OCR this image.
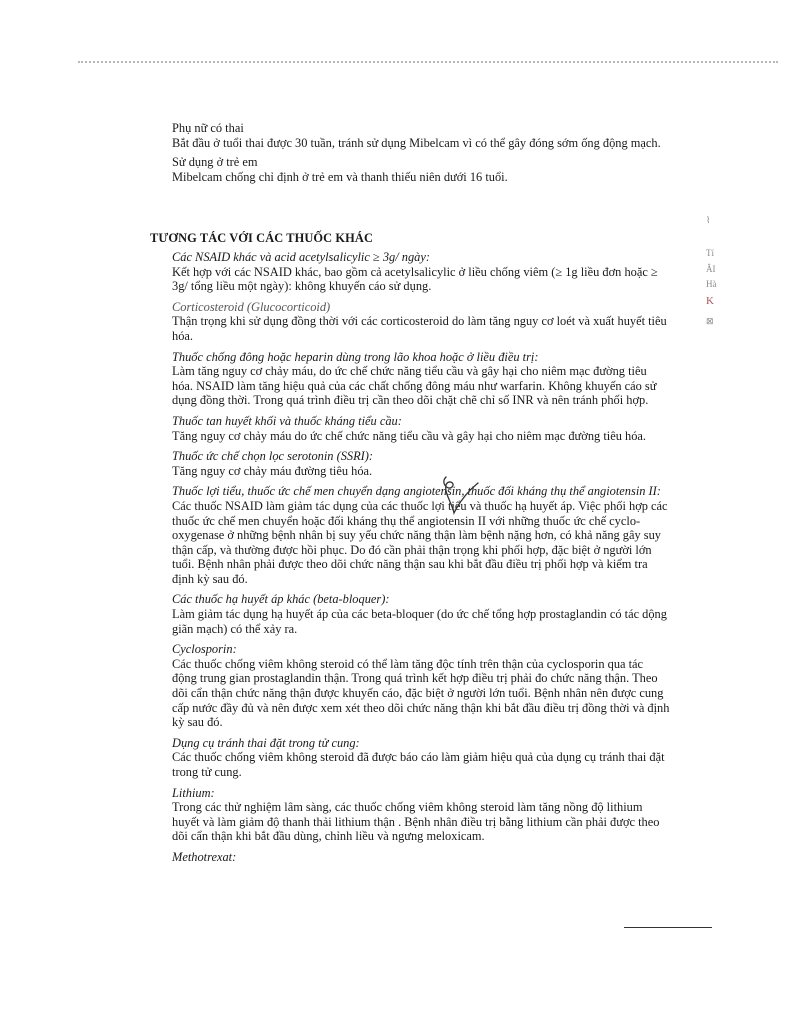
⌇
Tí
ÂI
Hà
K
⊠

Phụ nữ có thai

Bắt đầu ở tuổi thai được 30 tuần, tránh sử dụng Mibelcam vì có thể gây đóng sớm ống động mạch.

Sử dụng ở trẻ em

Mibelcam chống chỉ định ở trẻ em và thanh thiếu niên dưới 16 tuổi.

TƯƠNG TÁC VỚI CÁC THUỐC KHÁC

Các NSAID khác và acid acetylsalicylic ≥ 3g/ ngày:

Kết hợp với các NSAID khác, bao gồm cả acetylsalicylic ở liều chống viêm (≥ 1g liều đơn hoặc ≥ 3g/ tổng liều một ngày): không khuyến cáo sử dụng.

Corticosteroid (Glucocorticoid)

Thận trọng khi sử dụng đồng thời với các corticosteroid do làm tăng nguy cơ loét và xuất huyết tiêu hóa.

Thuốc chống đông hoặc heparin dùng trong lão khoa hoặc ở liều điều trị:

Làm tăng nguy cơ chảy máu, do ức chế chức năng tiểu cầu và gây hại cho niêm mạc đường tiêu hóa. NSAID làm tăng hiệu quả của các chất chống đông máu như warfarin. Không khuyến cáo sử dụng đồng thời. Trong quá trình điều trị cần theo dõi chặt chẽ chỉ số INR và nên tránh phối hợp.

Thuốc tan huyết khối và thuốc kháng tiểu cầu:

Tăng nguy cơ chảy máu do ức chế chức năng tiểu cầu và gây hại cho niêm mạc đường tiêu hóa.

Thuốc ức chế chọn lọc serotonin (SSRI):

Tăng nguy cơ chảy máu đường tiêu hóa.

Thuốc lợi tiểu, thuốc ức chế men chuyển dạng angiotensin, thuốc đối kháng thụ thể angiotensin II:

Các thuốc NSAID làm giảm tác dụng của các thuốc lợi tiểu và thuốc hạ huyết áp. Việc phối hợp các thuốc ức chế men chuyển hoặc đối kháng thụ thể angiotensin II với những thuốc ức chế cyclo-oxygenase ở những bệnh nhân bị suy yếu chức năng thận làm bệnh nặng hơn, có khả năng gây suy thận cấp, và thường được hồi phục. Do đó cần phải thận trọng khi phối hợp, đặc biệt ở người lớn tuổi. Bệnh nhân phải được theo dõi chức năng thận sau khi bắt đầu điều trị phối hợp và kiểm tra định kỳ sau đó.

Các thuốc hạ huyết áp khác (beta-bloquer):

Làm giảm tác dụng hạ huyết áp của các beta-bloquer (do ức chế tổng hợp prostaglandin có tác dộng giãn mạch) có thể xảy ra.

Cyclosporin:

Các thuốc chống viêm không steroid có thể làm tăng độc tính trên thận của cyclosporin qua tác động trung gian prostaglandin thận. Trong quá trình kết hợp điều trị phải đo chức năng thận. Theo dõi cẩn thận chức năng thận được khuyến cáo, đặc biệt ở người lớn tuổi. Bệnh nhân nên được cung cấp nước đầy đủ và nên được xem xét theo dõi chức năng thận khi bắt đầu điều trị đồng thời và định kỳ sau đó.

Dụng cụ tránh thai đặt trong tử cung:

Các thuốc chống viêm không steroid đã được báo cáo làm giảm hiệu quả của dụng cụ tránh thai đặt trong tử cung.

Lithium:

Trong các thử nghiệm lâm sàng, các thuốc chống viêm không steroid làm tăng nồng độ lithium huyết và làm giảm độ thanh thải lithium thận . Bệnh nhân điều trị bằng lithium cần phải được theo dõi cẩn thận khi bắt đầu dùng, chỉnh liều và ngưng meloxicam.

Methotrexat:
